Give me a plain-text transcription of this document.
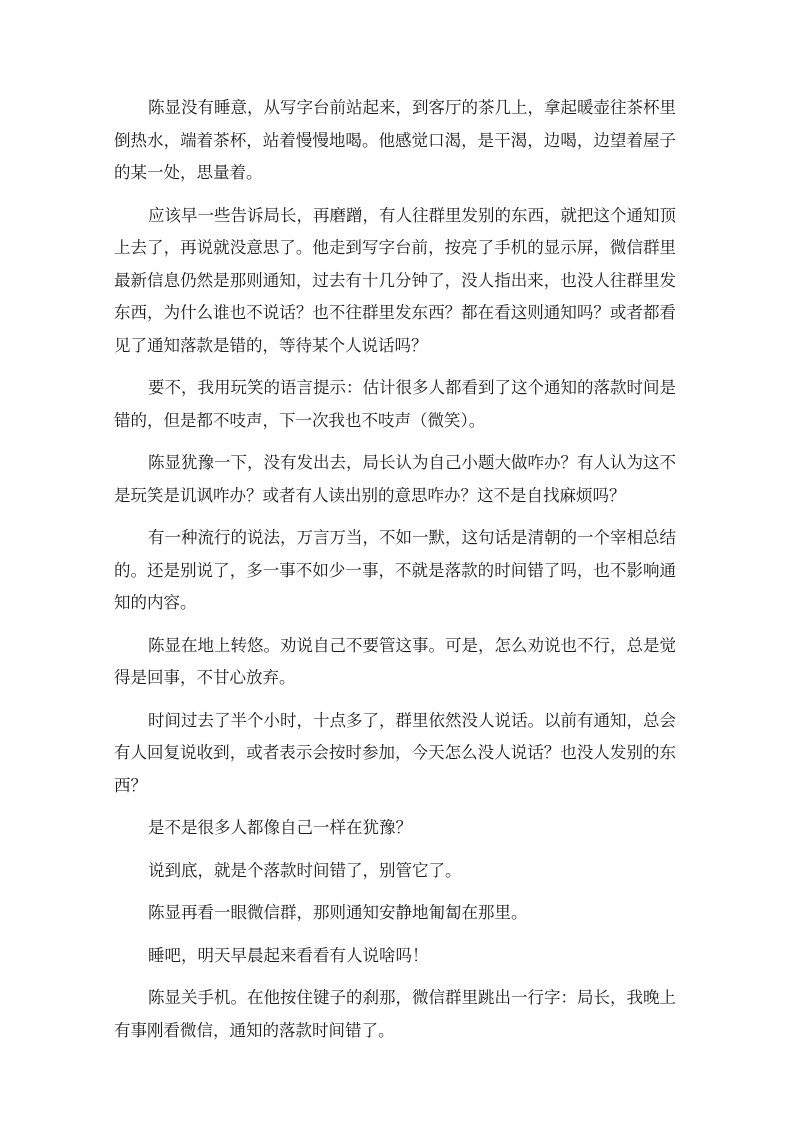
陈显没有睡意，从写字台前站起来，到客厅的茶几上，拿起暖壶往茶杯里倒热水，端着茶杯，站着慢慢地喝。他感觉口渴，是干渴，边喝，边望着屋子的某一处，思量着。

应该早一些告诉局长，再磨蹭，有人往群里发别的东西，就把这个通知顶上去了，再说就没意思了。他走到写字台前，按亮了手机的显示屏，微信群里最新信息仍然是那则通知，过去有十几分钟了，没人指出来，也没人往群里发东西，为什么谁也不说话？也不往群里发东西？都在看这则通知吗？或者都看见了通知落款是错的，等待某个人说话吗？

要不，我用玩笑的语言提示：估计很多人都看到了这个通知的落款时间是错的，但是都不吱声，下一次我也不吱声（微笑）。

陈显犹豫一下，没有发出去，局长认为自己小题大做咋办？有人认为这不是玩笑是讥讽咋办？或者有人读出别的意思咋办？这不是自找麻烦吗？

有一种流行的说法，万言万当，不如一默，这句话是清朝的一个宰相总结的。还是别说了，多一事不如少一事，不就是落款的时间错了吗，也不影响通知的内容。

陈显在地上转悠。劝说自己不要管这事。可是，怎么劝说也不行，总是觉得是回事，不甘心放弃。

时间过去了半个小时，十点多了，群里依然没人说话。以前有通知，总会有人回复说收到，或者表示会按时参加，今天怎么没人说话？也没人发别的东西？

是不是很多人都像自己一样在犹豫？

说到底，就是个落款时间错了，别管它了。

陈显再看一眼微信群，那则通知安静地匍匐在那里。

睡吧，明天早晨起来看看有人说啥吗！

陈显关手机。在他按住键子的刹那，微信群里跳出一行字：局长，我晚上有事刚看微信，通知的落款时间错了。
